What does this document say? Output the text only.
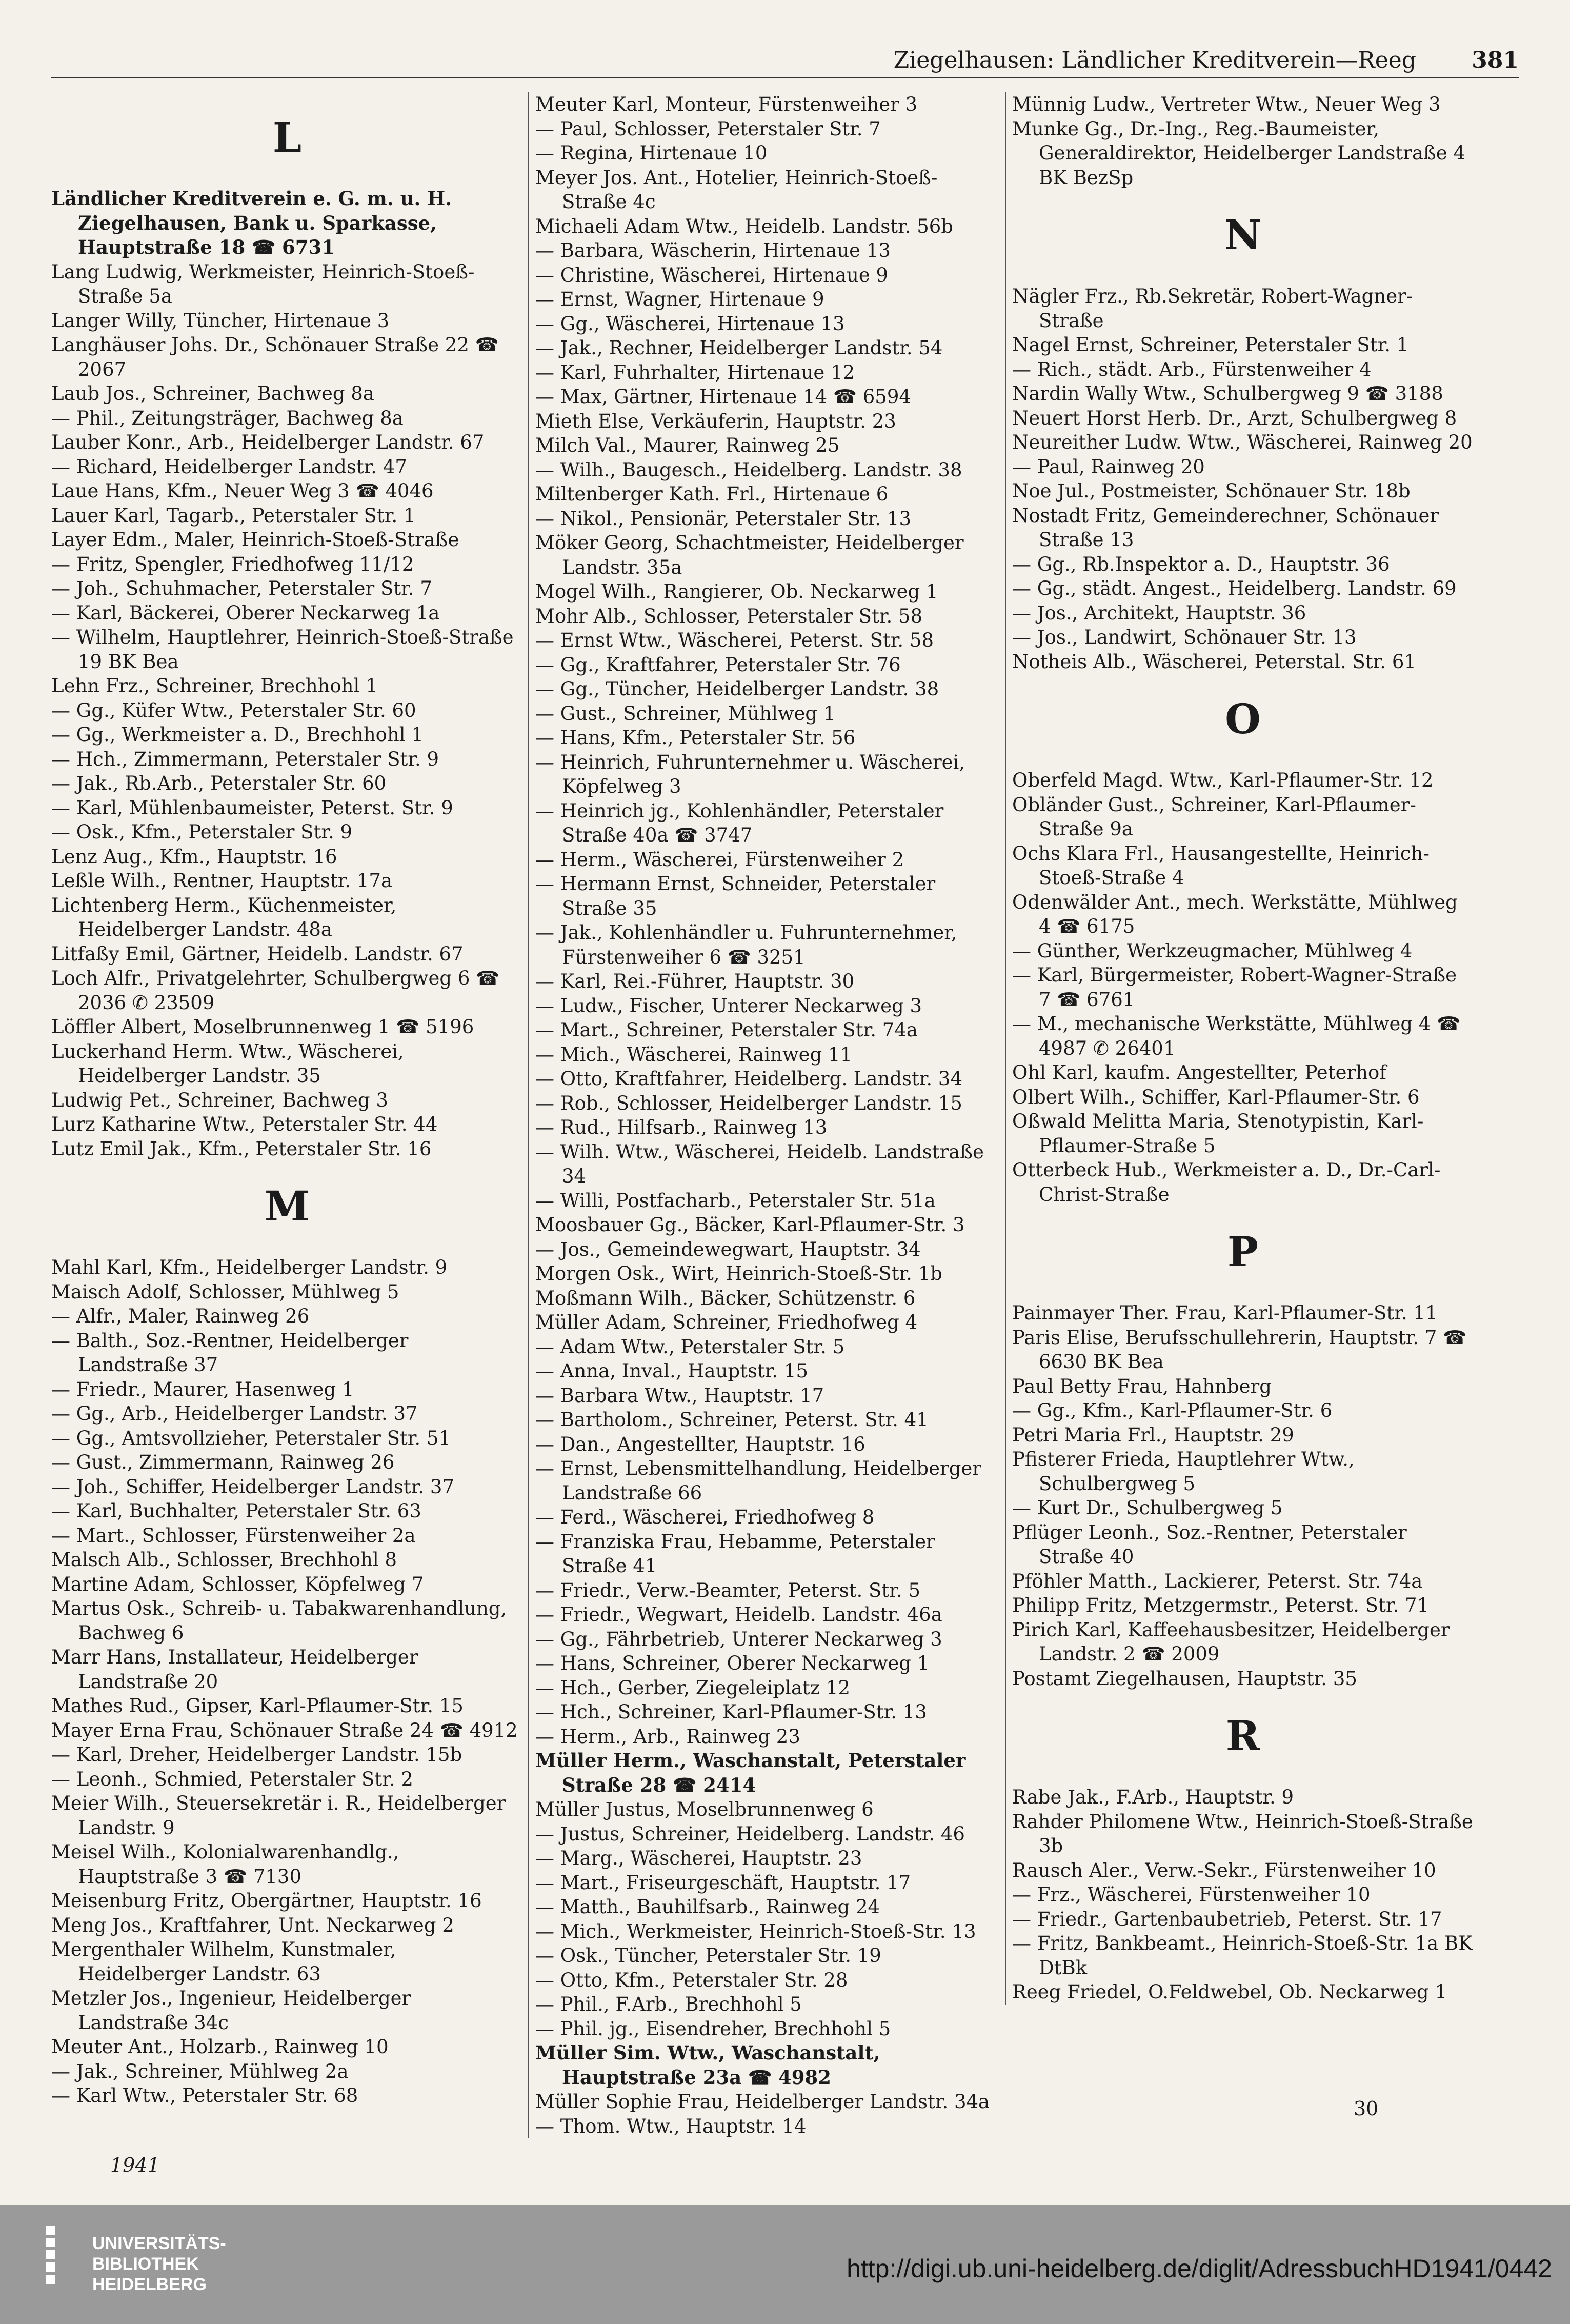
Ziegelhausen: Ländlicher Kreditverein—Reeg 381
L
Ländlicher Kreditverein e. G. m. u. H. Ziegelhausen, Bank u. Sparkasse, Hauptstraße 18 ☎ 6731
Lang Ludwig, Werkmeister, Heinrich-Stoeß-Straße 5a
Langer Willy, Tüncher, Hirtenaue 3
Langhäuser Johs. Dr., Schönauer Straße 22 ☎ 2067
Laub Jos., Schreiner, Bachweg 8a
— Phil., Zeitungsträger, Bachweg 8a
Lauber Konr., Arb., Heidelberger Landstr. 67
— Richard, Heidelberger Landstr. 47
Laue Hans, Kfm., Neuer Weg 3 ☎ 4046
Lauer Karl, Tagarb., Peterstaler Str. 1
Layer Edm., Maler, Heinrich-Stoeß-Straße
— Fritz, Spengler, Friedhofweg 11/12
— Joh., Schuhmacher, Peterstaler Str. 7
— Karl, Bäckerei, Oberer Neckarweg 1a
— Wilhelm, Hauptlehrer, Heinrich-Stoeß-Straße 19 BK Bea
Lehn Frz., Schreiner, Brechhohl 1
— Gg., Küfer Wtw., Peterstaler Str. 60
— Gg., Werkmeister a. D., Brechhohl 1
— Hch., Zimmermann, Peterstaler Str. 9
— Jak., Rb.Arb., Peterstaler Str. 60
— Karl, Mühlenbaumeister, Peterst. Str. 9
— Osk., Kfm., Peterstaler Str. 9
Lenz Aug., Kfm., Hauptstr. 16
Leßle Wilh., Rentner, Hauptstr. 17a
Lichtenberg Herm., Küchenmeister, Heidelberger Landstr. 48a
Litfaßy Emil, Gärtner, Heidelb. Landstr. 67
Loch Alfr., Privatgelehrter, Schulbergweg 6 ☎ 2036 ✆ 23509
Löffler Albert, Moselbrunnenweg 1 ☎ 5196
Luckerhand Herm. Wtw., Wäscherei, Heidelberger Landstr. 35
Ludwig Pet., Schreiner, Bachweg 3
Lurz Katharine Wtw., Peterstaler Str. 44
Lutz Emil Jak., Kfm., Peterstaler Str. 16
M
Mahl Karl, Kfm., Heidelberger Landstr. 9
Maisch Adolf, Schlosser, Mühlweg 5
— Alfr., Maler, Rainweg 26
— Balth., Soz.-Rentner, Heidelberger Landstraße 37
— Friedr., Maurer, Hasenweg 1
— Gg., Arb., Heidelberger Landstr. 37
— Gg., Amtsvollzieher, Peterstaler Str. 51
— Gust., Zimmermann, Rainweg 26
— Joh., Schiffer, Heidelberger Landstr. 37
— Karl, Buchhalter, Peterstaler Str. 63
— Mart., Schlosser, Fürstenweiher 2a
Malsch Alb., Schlosser, Brechhohl 8
Martine Adam, Schlosser, Köpfelweg 7
Martus Osk., Schreib- u. Tabakwarenhandlung, Bachweg 6
Marr Hans, Installateur, Heidelberger Landstraße 20
Mathes Rud., Gipser, Karl-Pflaumer-Str. 15
Mayer Erna Frau, Schönauer Straße 24 ☎ 4912
— Karl, Dreher, Heidelberger Landstr. 15b
— Leonh., Schmied, Peterstaler Str. 2
Meier Wilh., Steuersekretär i. R., Heidelberger Landstr. 9
Meisel Wilh., Kolonialwarenhandlg., Hauptstraße 3 ☎ 7130
Meisenburg Fritz, Obergärtner, Hauptstr. 16
Meng Jos., Kraftfahrer, Unt. Neckarweg 2
Mergenthaler Wilhelm, Kunstmaler, Heidelberger Landstr. 63
Metzler Jos., Ingenieur, Heidelberger Landstraße 34c
Meuter Ant., Holzarb., Rainweg 10
— Jak., Schreiner, Mühlweg 2a
— Karl Wtw., Peterstaler Str. 68
Meuter Karl, Monteur, Fürstenweiher 3
— Paul, Schlosser, Peterstaler Str. 7
— Regina, Hirtenaue 10
Meyer Jos. Ant., Hotelier, Heinrich-Stoeß-Straße 4c
Michaeli Adam Wtw., Heidelb. Landstr. 56b
— Barbara, Wäscherin, Hirtenaue 13
— Christine, Wäscherei, Hirtenaue 9
— Ernst, Wagner, Hirtenaue 9
— Gg., Wäscherei, Hirtenaue 13
— Jak., Rechner, Heidelberger Landstr. 54
— Karl, Fuhrhalter, Hirtenaue 12
— Max, Gärtner, Hirtenaue 14 ☎ 6594
Mieth Else, Verkäuferin, Hauptstr. 23
Milch Val., Maurer, Rainweg 25
— Wilh., Baugesch., Heidelberg. Landstr. 38
Miltenberger Kath. Frl., Hirtenaue 6
— Nikol., Pensionär, Peterstaler Str. 13
Möker Georg, Schachtmeister, Heidelberger Landstr. 35a
Mogel Wilh., Rangierer, Ob. Neckarweg 1
Mohr Alb., Schlosser, Peterstaler Str. 58
— Ernst Wtw., Wäscherei, Peterst. Str. 58
— Gg., Kraftfahrer, Peterstaler Str. 76
— Gg., Tüncher, Heidelberger Landstr. 38
— Gust., Schreiner, Mühlweg 1
— Hans, Kfm., Peterstaler Str. 56
— Heinrich, Fuhrunternehmer u. Wäscherei, Köpfelweg 3
— Heinrich jg., Kohlenhändler, Peterstaler Straße 40a ☎ 3747
— Herm., Wäscherei, Fürstenweiher 2
— Hermann Ernst, Schneider, Peterstaler Straße 35
— Jak., Kohlenhändler u. Fuhrunternehmer, Fürstenweiher 6 ☎ 3251
— Karl, Rei.-Führer, Hauptstr. 30
— Ludw., Fischer, Unterer Neckarweg 3
— Mart., Schreiner, Peterstaler Str. 74a
— Mich., Wäscherei, Rainweg 11
— Otto, Kraftfahrer, Heidelberg. Landstr. 34
— Rob., Schlosser, Heidelberger Landstr. 15
— Rud., Hilfsarb., Rainweg 13
— Wilh. Wtw., Wäscherei, Heidelb. Landstraße 34
— Willi, Postfacharb., Peterstaler Str. 51a
Moosbauer Gg., Bäcker, Karl-Pflaumer-Str. 3
— Jos., Gemeindewegwart, Hauptstr. 34
Morgen Osk., Wirt, Heinrich-Stoeß-Str. 1b
Moßmann Wilh., Bäcker, Schützenstr. 6
Müller Adam, Schreiner, Friedhofweg 4
— Adam Wtw., Peterstaler Str. 5
— Anna, Inval., Hauptstr. 15
— Barbara Wtw., Hauptstr. 17
— Bartholom., Schreiner, Peterst. Str. 41
— Dan., Angestellter, Hauptstr. 16
— Ernst, Lebensmittelhandlung, Heidelberger Landstraße 66
— Ferd., Wäscherei, Friedhofweg 8
— Franziska Frau, Hebamme, Peterstaler Straße 41
— Friedr., Verw.-Beamter, Peterst. Str. 5
— Friedr., Wegwart, Heidelb. Landstr. 46a
— Gg., Fährbetrieb, Unterer Neckarweg 3
— Hans, Schreiner, Oberer Neckarweg 1
— Hch., Gerber, Ziegeleiplatz 12
— Hch., Schreiner, Karl-Pflaumer-Str. 13
— Herm., Arb., Rainweg 23
Müller Herm., Waschanstalt, Peterstaler Straße 28 ☎ 2414
Müller Justus, Moselbrunnenweg 6
— Justus, Schreiner, Heidelberg. Landstr. 46
— Marg., Wäscherei, Hauptstr. 23
— Mart., Friseurgeschäft, Hauptstr. 17
— Matth., Bauhilfsarb., Rainweg 24
— Mich., Werkmeister, Heinrich-Stoeß-Str. 13
— Osk., Tüncher, Peterstaler Str. 19
— Otto, Kfm., Peterstaler Str. 28
— Phil., F.Arb., Brechhohl 5
— Phil. jg., Eisendreher, Brechhohl 5
Müller Sim. Wtw., Waschanstalt, Hauptstraße 23a ☎ 4982
Müller Sophie Frau, Heidelberger Landstr. 34a
— Thom. Wtw., Hauptstr. 14
Münnig Ludw., Vertreter Wtw., Neuer Weg 3
Munke Gg., Dr.-Ing., Reg.-Baumeister, Generaldirektor, Heidelberger Landstraße 4 BK BezSp
N
Nägler Frz., Rb.Sekretär, Robert-Wagner-Straße
Nagel Ernst, Schreiner, Peterstaler Str. 1
— Rich., städt. Arb., Fürstenweiher 4
Nardin Wally Wtw., Schulbergweg 9 ☎ 3188
Neuert Horst Herb. Dr., Arzt, Schulbergweg 8
Neureither Ludw. Wtw., Wäscherei, Rainweg 20
— Paul, Rainweg 20
Noe Jul., Postmeister, Schönauer Str. 18b
Nostadt Fritz, Gemeinderechner, Schönauer Straße 13
— Gg., Rb.Inspektor a. D., Hauptstr. 36
— Gg., städt. Angest., Heidelberg. Landstr. 69
— Jos., Architekt, Hauptstr. 36
— Jos., Landwirt, Schönauer Str. 13
Notheis Alb., Wäscherei, Peterstal. Str. 61
O
Oberfeld Magd. Wtw., Karl-Pflaumer-Str. 12
Obländer Gust., Schreiner, Karl-Pflaumer-Straße 9a
Ochs Klara Frl., Hausangestellte, Heinrich-Stoeß-Straße 4
Odenwälder Ant., mech. Werkstätte, Mühlweg 4 ☎ 6175
— Günther, Werkzeugmacher, Mühlweg 4
— Karl, Bürgermeister, Robert-Wagner-Straße 7 ☎ 6761
— M., mechanische Werkstätte, Mühlweg 4 ☎ 4987 ✆ 26401
Ohl Karl, kaufm. Angestellter, Peterhof
Olbert Wilh., Schiffer, Karl-Pflaumer-Str. 6
Oßwald Melitta Maria, Stenotypistin, Karl-Pflaumer-Straße 5
Otterbeck Hub., Werkmeister a. D., Dr.-Carl-Christ-Straße
P
Painmayer Ther. Frau, Karl-Pflaumer-Str. 11
Paris Elise, Berufsschullehrerin, Hauptstr. 7 ☎ 6630 BK Bea
Paul Betty Frau, Hahnberg
— Gg., Kfm., Karl-Pflaumer-Str. 6
Petri Maria Frl., Hauptstr. 29
Pfisterer Frieda, Hauptlehrer Wtw., Schulbergweg 5
— Kurt Dr., Schulbergweg 5
Pflüger Leonh., Soz.-Rentner, Peterstaler Straße 40
Pföhler Matth., Lackierer, Peterst. Str. 74a
Philipp Fritz, Metzgermstr., Peterst. Str. 71
Pirich Karl, Kaffeehausbesitzer, Heidelberger Landstr. 2 ☎ 2009
Postamt Ziegelhausen, Hauptstr. 35
R
Rabe Jak., F.Arb., Hauptstr. 9
Rahder Philomene Wtw., Heinrich-Stoeß-Straße 3b
Rausch Aler., Verw.-Sekr., Fürstenweiher 10
— Frz., Wäscherei, Fürstenweiher 10
— Friedr., Gartenbaubetrieb, Peterst. Str. 17
— Fritz, Bankbeamt., Heinrich-Stoeß-Str. 1a BK DtBk
Reeg Friedel, O.Feldwebel, Ob. Neckarweg 1
1941
30
UNIVERSITÄTS-
BIBLIOTHEK
HEIDELBERG
http://digi.ub.uni-heidelberg.de/diglit/AdressbuchHD1941/0442
